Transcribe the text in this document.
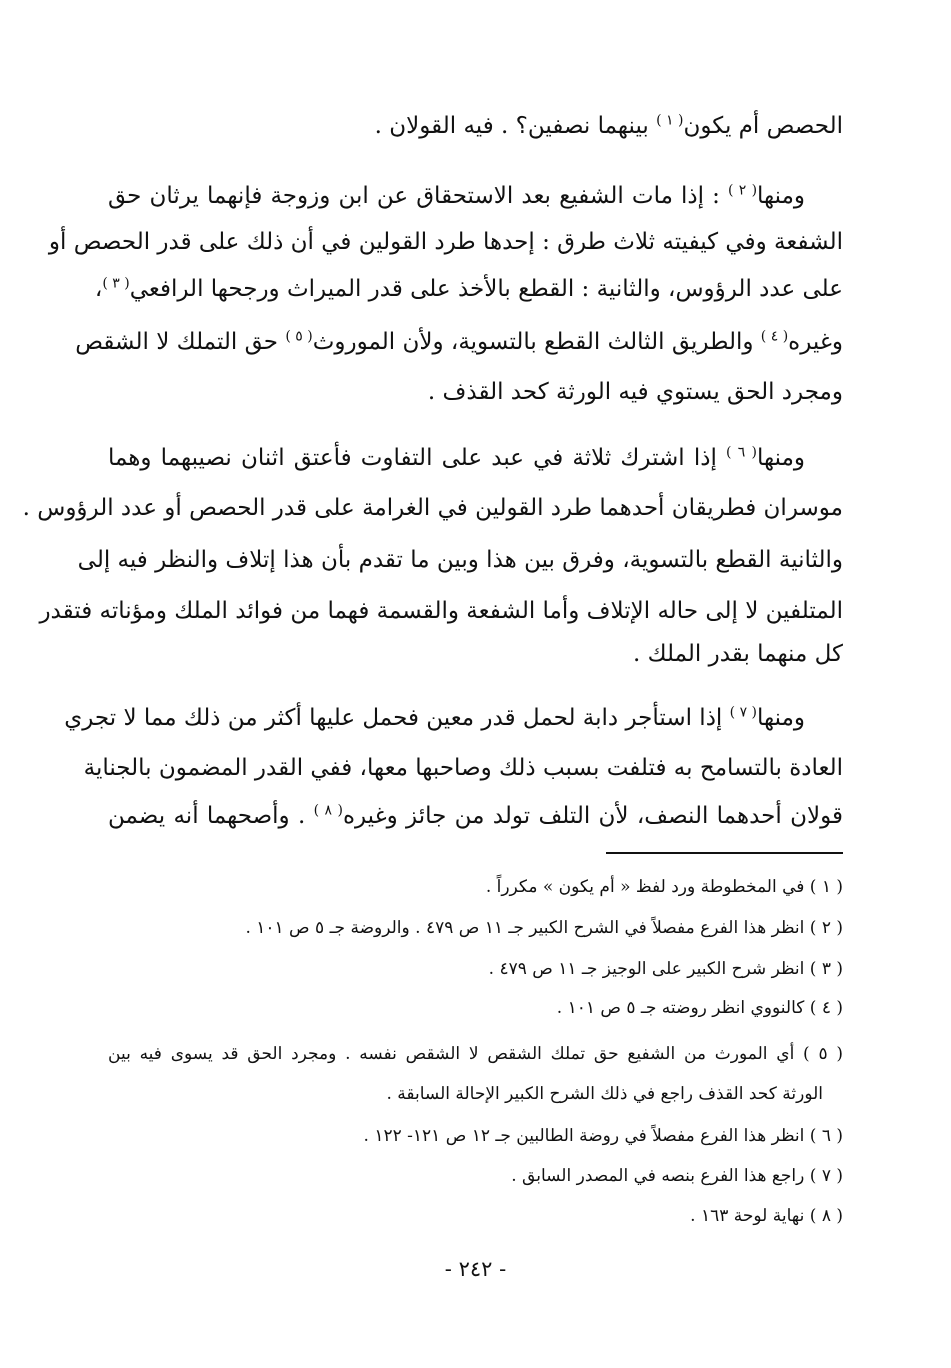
الحصص أم يكون$^{( ١ )}$ بينهما نصفين؟ . فيه القولان .
ومنها$^{( ٢ )}$ : إذا مات الشفيع بعد الاستحقاق عن ابن وزوجة فإنهما يرثان حق
الشفعة وفي كيفيته ثلاث طرق : إحدها طرد القولين في أن ذلك على قدر الحصص أو
على عدد الرؤوس، والثانية : القطع بالأخذ على قدر الميراث ورجحها الرافعي$^{( ٣ )}$،
وغيره$^{( ٤ )}$ والطريق الثالث القطع بالتسوية، ولأن الموروث$^{( ٥ )}$ حق التملك لا الشقص
ومجرد الحق يستوي فيه الورثة كحد القذف .
ومنها$^{( ٦ )}$ إذا اشترك ثلاثة في عبد على التفاوت فأعتق اثنان نصيبهما وهما
موسران فطريقان أحدهما طرد القولين في الغرامة على قدر الحصص أو عدد الرؤوس .
والثانية القطع بالتسوية، وفرق بين هذا وبين ما تقدم بأن هذا إتلاف والنظر فيه إلى
المتلفين لا إلى حاله الإتلاف وأما الشفعة والقسمة فهما من فوائد الملك ومؤناته فتقدر
كل منهما بقدر الملك .
ومنها$^{( ٧ )}$ إذا استأجر دابة لحمل قدر معين فحمل عليها أكثر من ذلك مما لا تجري
العادة بالتسامح به فتلفت بسبب ذلك وصاحبها معها، ففي القدر المضمون بالجناية
قولان أحدهما النصف، لأن التلف تولد من جائز وغيره$^{( ٨ )}$ . وأصحهما أنه يضمن
( ١ ) في المخطوطة ورد لفظ « أم يكون » مكرراً .
( ٢ ) انظر هذا الفرع مفصلاً في الشرح الكبير جـ ١١ ص ٤٧٩ . والروضة جـ ٥ ص ١٠١ .
( ٣ ) انظر شرح الكبير على الوجيز جـ ١١ ص ٤٧٩ .
( ٤ ) كالنووي انظر روضته جـ ٥ ص ١٠١ .
( ٥ ) أي المورث من الشفيع حق تملك الشقص لا الشقص نفسه . ومجرد الحق قد يسوى فيه بين
الورثة كحد القذف راجع في ذلك الشرح الكبير الإحالة السابقة .
( ٦ ) انظر هذا الفرع مفصلاً في روضة الطالبين جـ ١٢ ص ١٢١- ١٢٢ .
( ٧ ) راجع هذا الفرع بنصه في المصدر السابق .
( ٨ ) نهاية لوحة ١٦٣ .
- ٢٤٢ -
